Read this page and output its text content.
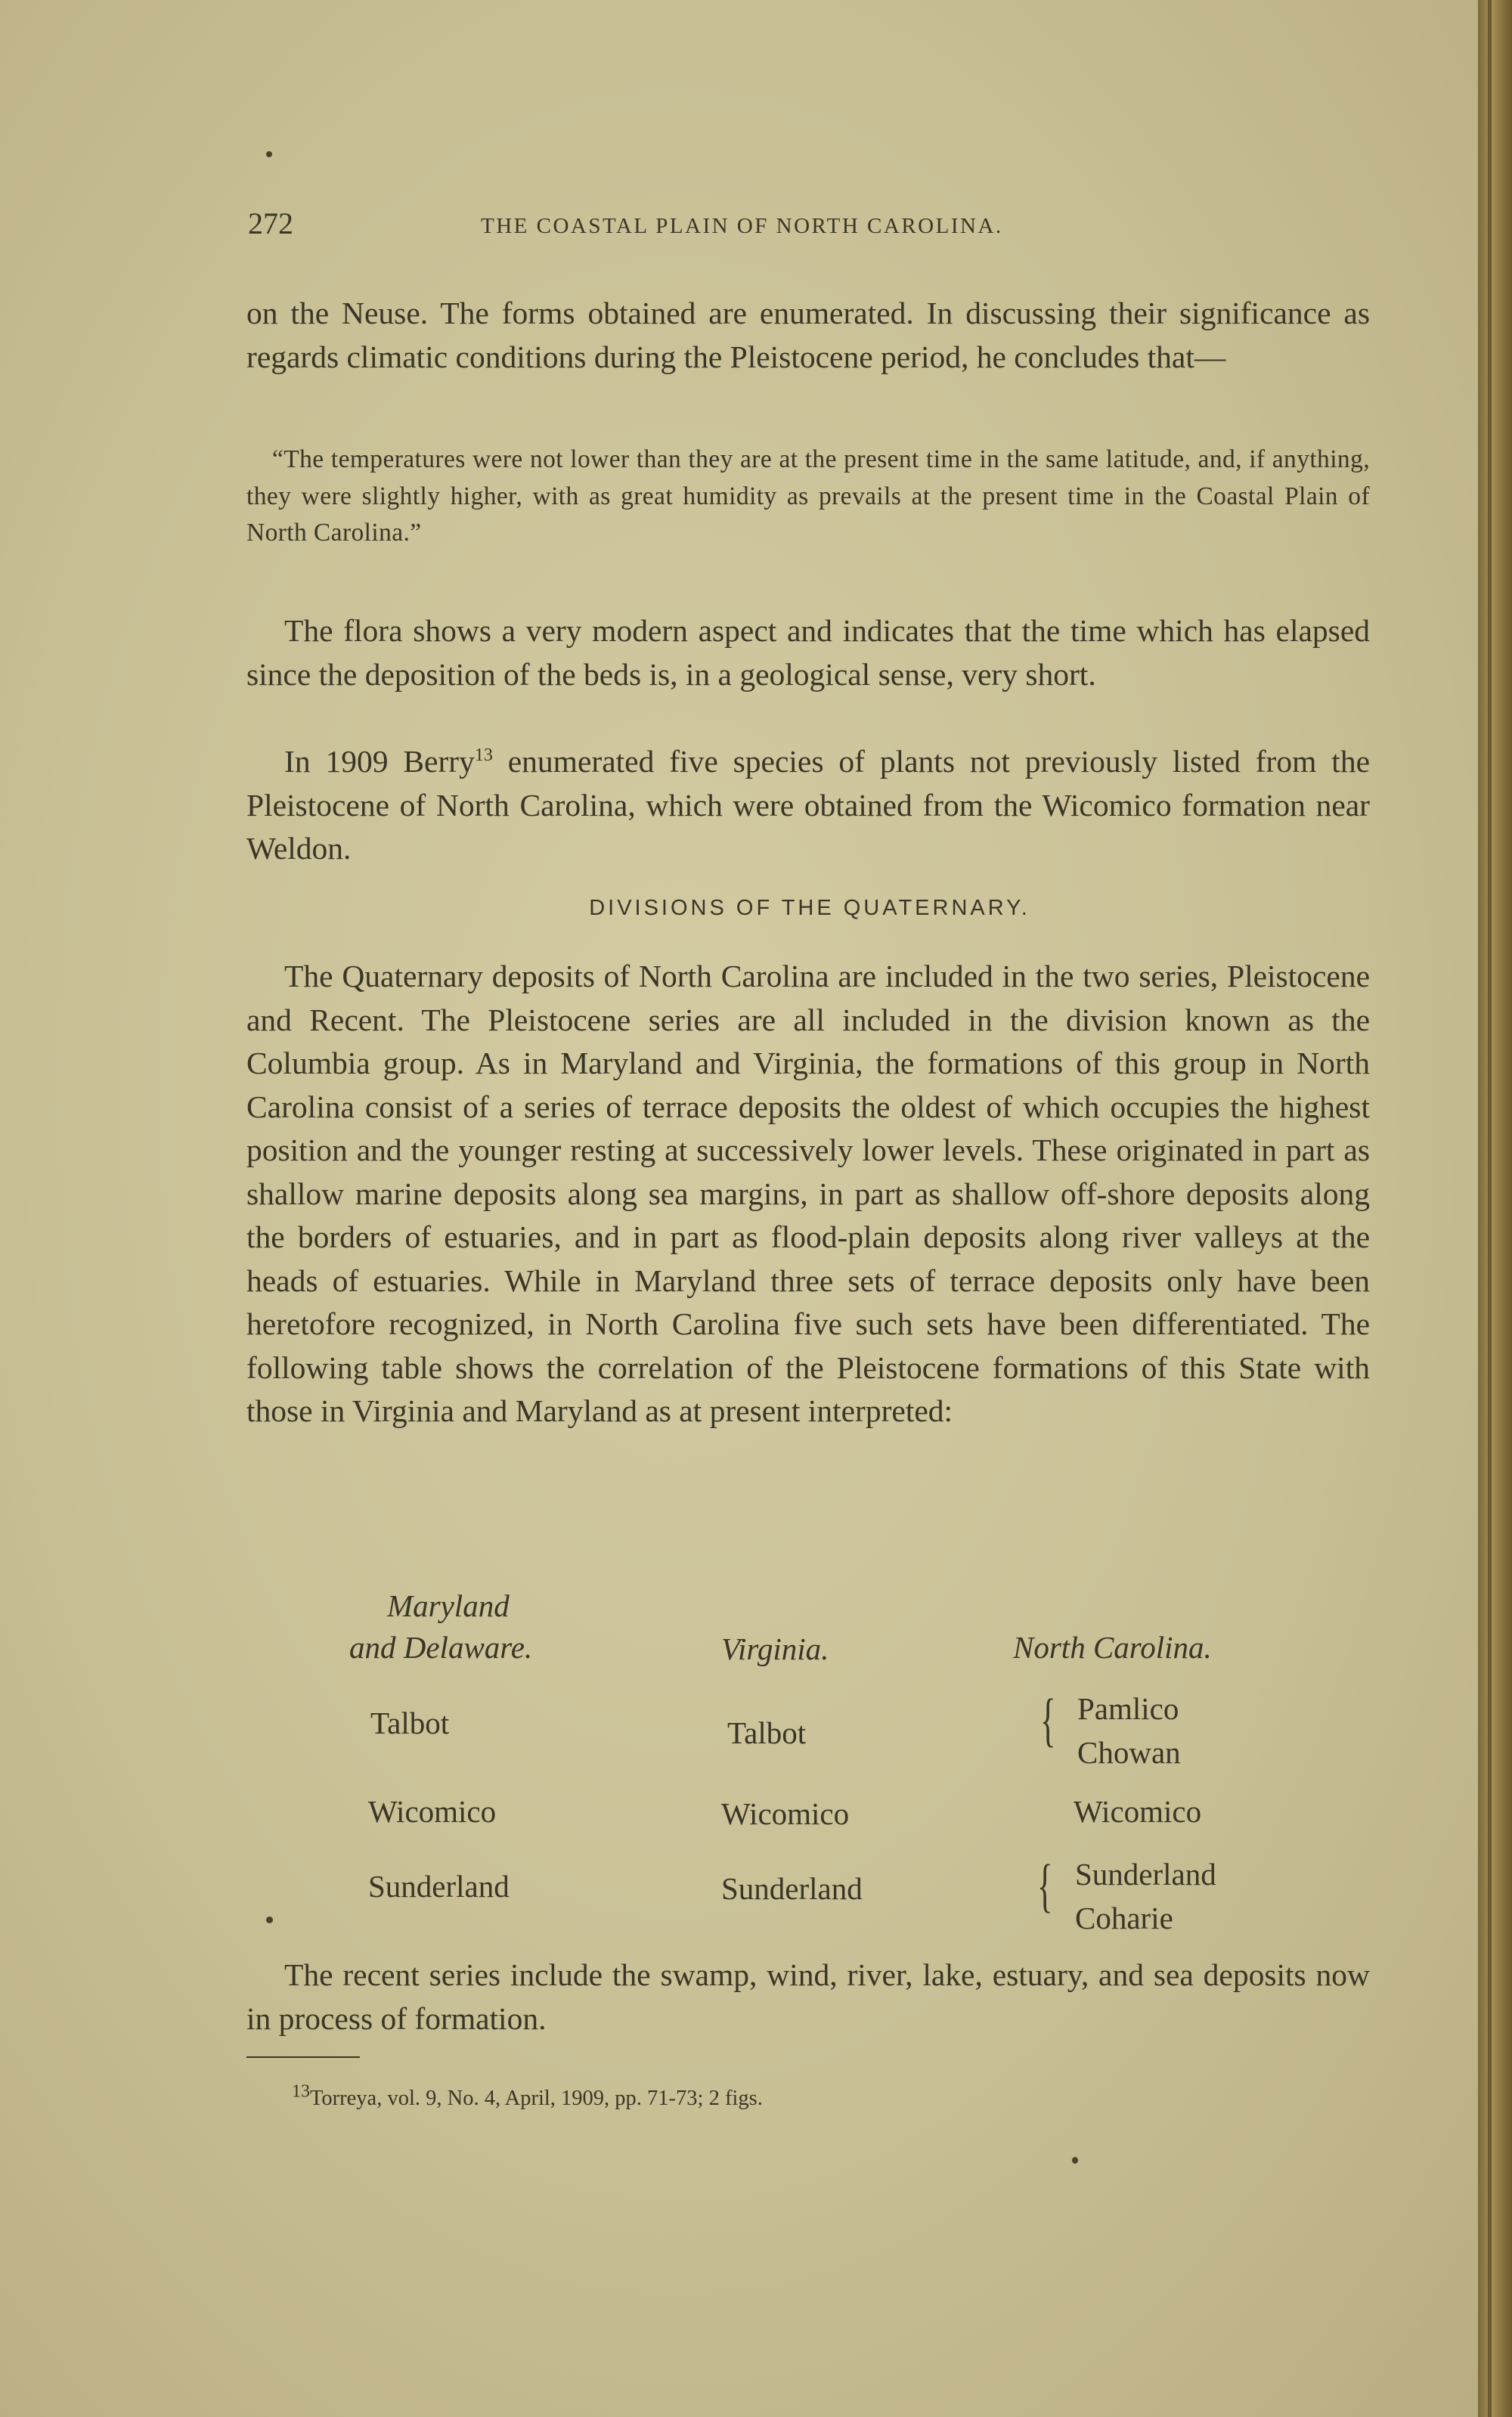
272	THE COASTAL PLAIN OF NORTH CAROLINA.
on the Neuse. The forms obtained are enumerated. In discussing their significance as regards climatic conditions during the Pleistocene period, he concludes that—
“The temperatures were not lower than they are at the present time in the same latitude, and, if anything, they were slightly higher, with as great humidity as prevails at the present time in the Coastal Plain of North Carolina.”
The flora shows a very modern aspect and indicates that the time which has elapsed since the deposition of the beds is, in a geological sense, very short.
In 1909 Berry$^{13}$ enumerated five species of plants not previously listed from the Pleistocene of North Carolina, which were obtained from the Wicomico formation near Weldon.
DIVISIONS OF THE QUATERNARY.
The Quaternary deposits of North Carolina are included in the two series, Pleistocene and Recent. The Pleistocene series are all included in the division known as the Columbia group. As in Maryland and Virginia, the formations of this group in North Carolina consist of a series of terrace deposits the oldest of which occupies the highest position and the younger resting at successively lower levels. These originated in part as shallow marine deposits along sea margins, in part as shallow off-shore deposits along the borders of estuaries, and in part as flood-plain deposits along river valleys at the heads of estuaries. While in Maryland three sets of terrace deposits only have been heretofore recognized, in North Carolina five such sets have been differentiated. The following table shows the correlation of the Pleistocene formations of this State with those in Virginia and Maryland as at present interpreted:
Maryland
and Delaware.	Virginia.	North Carolina.
Talbot	Talbot	{ Pamlico
Chowan
Wicomico	Wicomico	Wicomico
Sunderland	Sunderland	{ Sunderland
Coharie
The recent series include the swamp, wind, river, lake, estuary, and sea deposits now in process of formation.
$^{13}$Torreya, vol. 9, No. 4, April, 1909, pp. 71-73; 2 figs.
